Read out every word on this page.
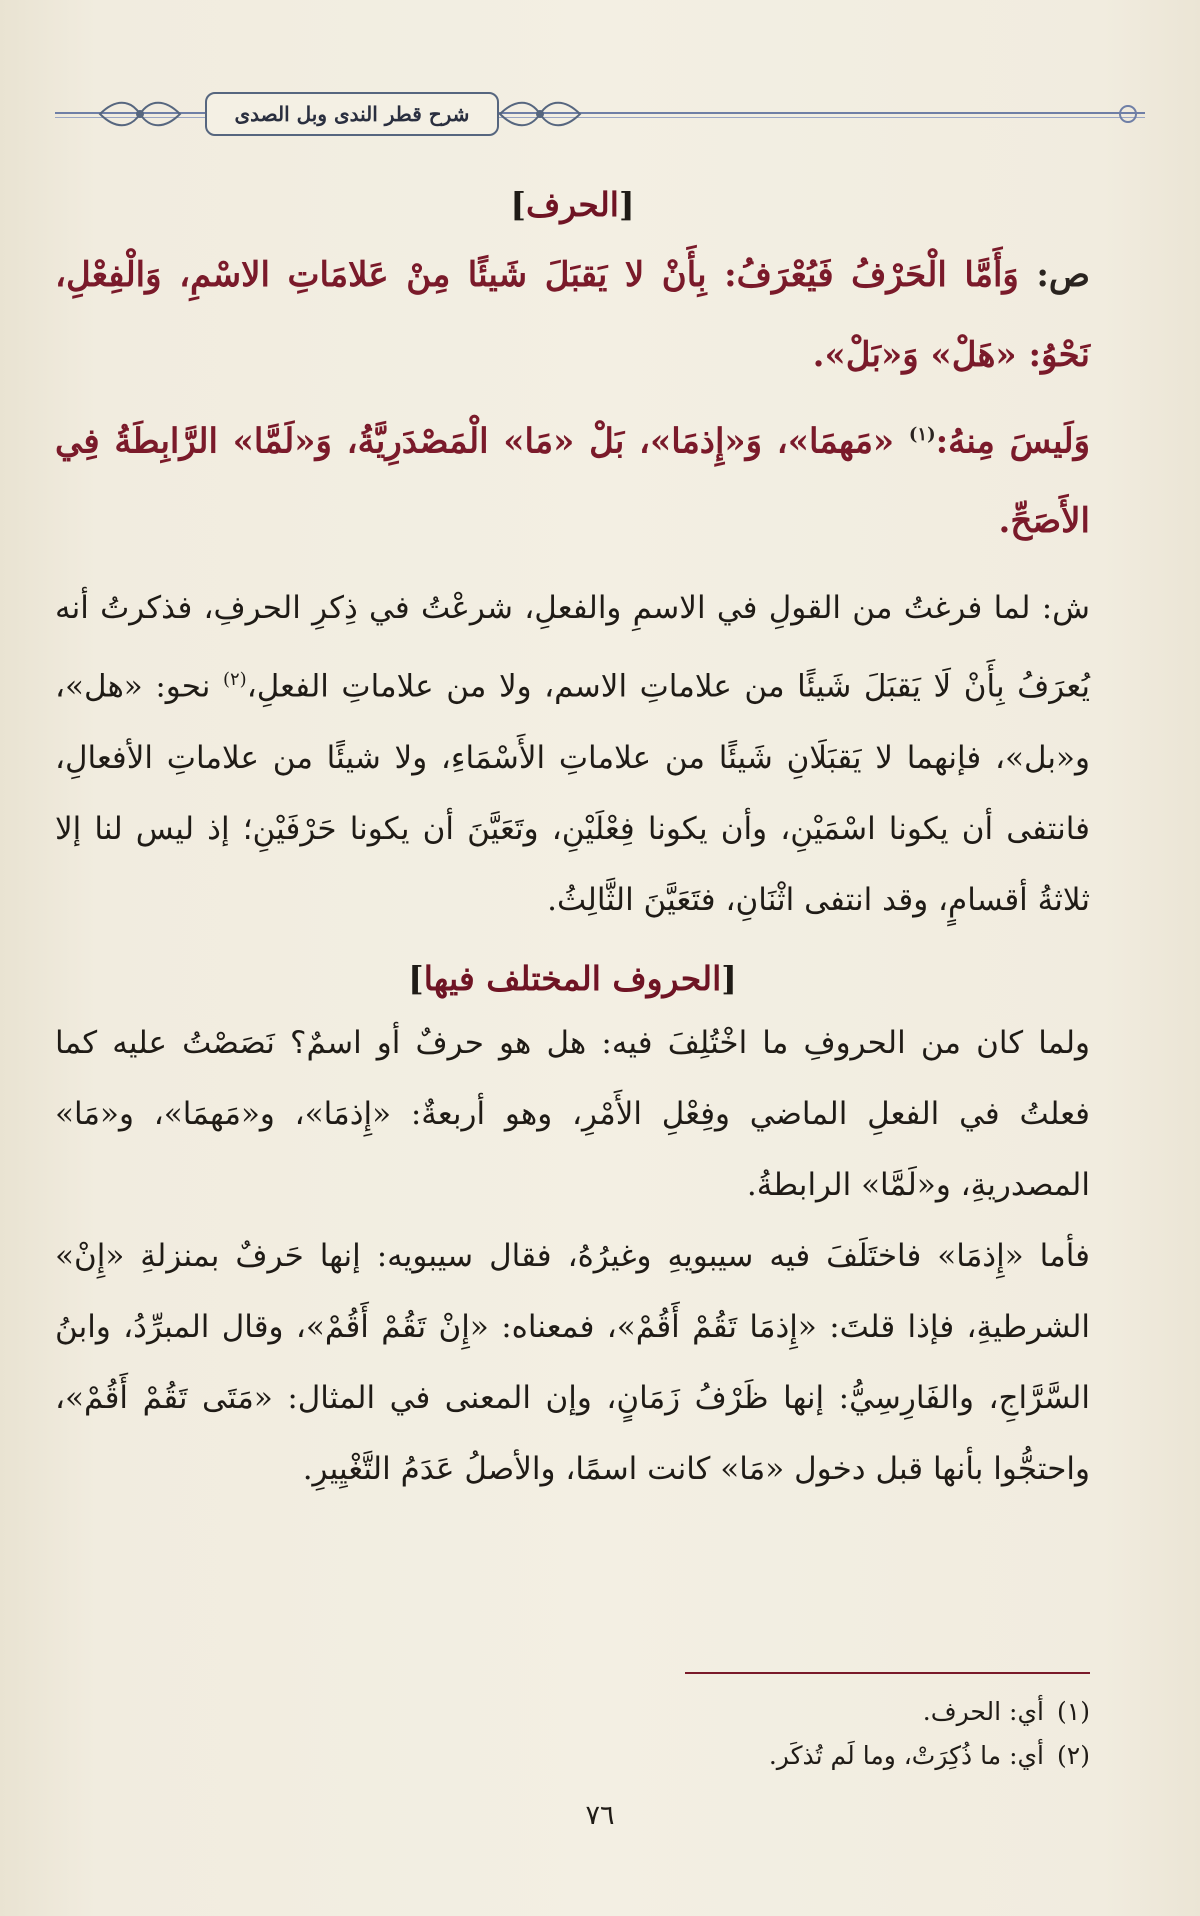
شرح قطر الندى وبل الصدى

[الحرف]

ص: وَأَمَّا الْحَرْفُ فَيُعْرَفُ: بِأَنْ لا يَقبَلَ شَيئًا مِنْ عَلامَاتِ الاسْمِ، وَالْفِعْلِ، نَحْوُ: «هَلْ» وَ«بَلْ».

وَلَيسَ مِنهُ:$^{(١)}$ «مَهمَا»، وَ«إِذمَا»، بَلْ «مَا» الْمَصْدَرِيَّةُ، وَ«لَمَّا» الرَّابِطَةُ فِي الأَصَحِّ.

ش: لما فرغتُ من القولِ في الاسمِ والفعلِ، شرعْتُ في ذِكرِ الحرفِ، فذكرتُ أنه يُعرَفُ بِأَنْ لَا يَقبَلَ شَيئًا من علاماتِ الاسم، ولا من علاماتِ الفعلِ،$^{(٢)}$ نحو: «هل»، و«بل»، فإنهما لا يَقبَلَانِ شَيئًا من علاماتِ الأَسْمَاءِ، ولا شيئًا من علاماتِ الأفعالِ، فانتفى أن يكونا اسْمَيْنِ، وأن يكونا فِعْلَيْنِ، وتَعَيَّنَ أن يكونا حَرْفَيْنِ؛ إذ ليس لنا إلا ثلاثةُ أقسامٍ، وقد انتفى اثْنَانِ، فتَعَيَّنَ الثَّالِثُ.

[الحروف المختلف فيها]

ولما كان من الحروفِ ما اخْتُلِفَ فيه: هل هو حرفٌ أو اسمٌ؟ نَصَصْتُ عليه كما فعلتُ في الفعلِ الماضي وفِعْلِ الأَمْرِ، وهو أربعةٌ: «إِذمَا»، و«مَهمَا»، و«مَا» المصدريةِ، و«لَمَّا» الرابطةُ.

فأما «إِذمَا» فاختَلَفَ فيه سيبويهِ وغيرُهُ، فقال سيبويه: إنها حَرفٌ بمنزلةِ «إِنْ» الشرطيةِ، فإذا قلتَ: «إِذمَا تَقُمْ أَقُمْ»، فمعناه: «إِنْ تَقُمْ أَقُمْ»، وقال المبرِّدُ، وابنُ السَّرَّاجِ، والفَارِسِيُّ: إنها ظَرْفُ زَمَانٍ، وإن المعنى في المثال: «مَتَى تَقُمْ أَقُمْ»، واحتجُّوا بأنها قبل دخول «مَا» كانت اسمًا، والأصلُ عَدَمُ التَّغْيِيرِ.

(١)أي: الحرف.

(٢)أي: ما ذُكِرَتْ، وما لَم تُذكَر.

٧٦
